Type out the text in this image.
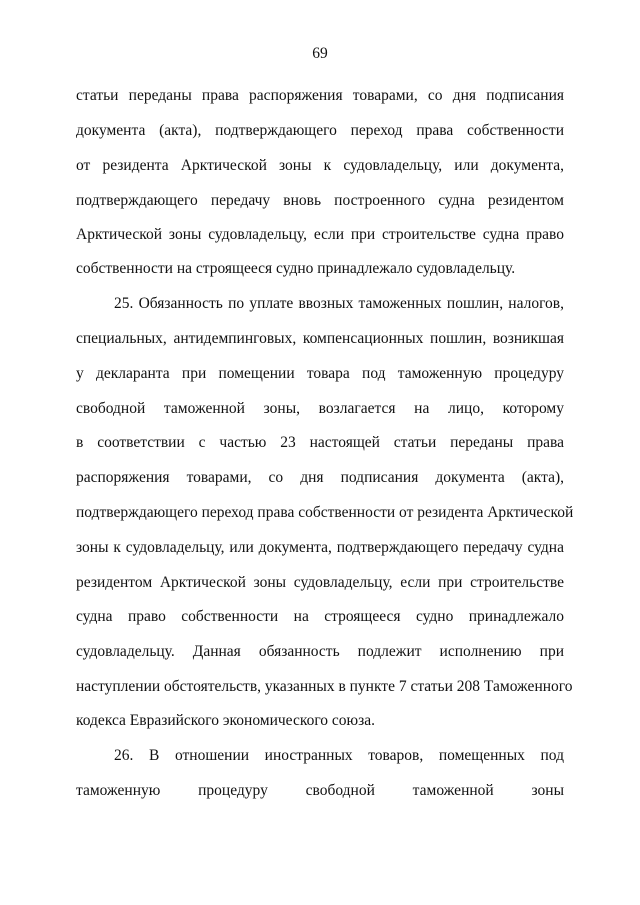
69
статьи переданы права распоряжения товарами, со дня подписания
документа (акта), подтверждающего переход права собственности
от резидента Арктической зоны к судовладельцу, или документа,
подтверждающего передачу вновь построенного судна резидентом
Арктической зоны судовладельцу, если при строительстве судна право
собственности на строящееся судно принадлежало судовладельцу.
25. Обязанность по уплате ввозных таможенных пошлин, налогов,
специальных, антидемпинговых, компенсационных пошлин, возникшая
у декларанта при помещении товара под таможенную процедуру
свободной таможенной зоны, возлагается на лицо, которому
в соответствии с частью 23 настоящей статьи переданы права
распоряжения товарами, со дня подписания документа (акта),
подтверждающего переход права собственности от резидента Арктической
зоны к судовладельцу, или документа, подтверждающего передачу судна
резидентом Арктической зоны судовладельцу, если при строительстве
судна право собственности на строящееся судно принадлежало
судовладельцу. Данная обязанность подлежит исполнению при
наступлении обстоятельств, указанных в пункте 7 статьи 208 Таможенного
кодекса Евразийского экономического союза.
26. В отношении иностранных товаров, помещенных под
таможенную процедуру свободной таможенной зоны
